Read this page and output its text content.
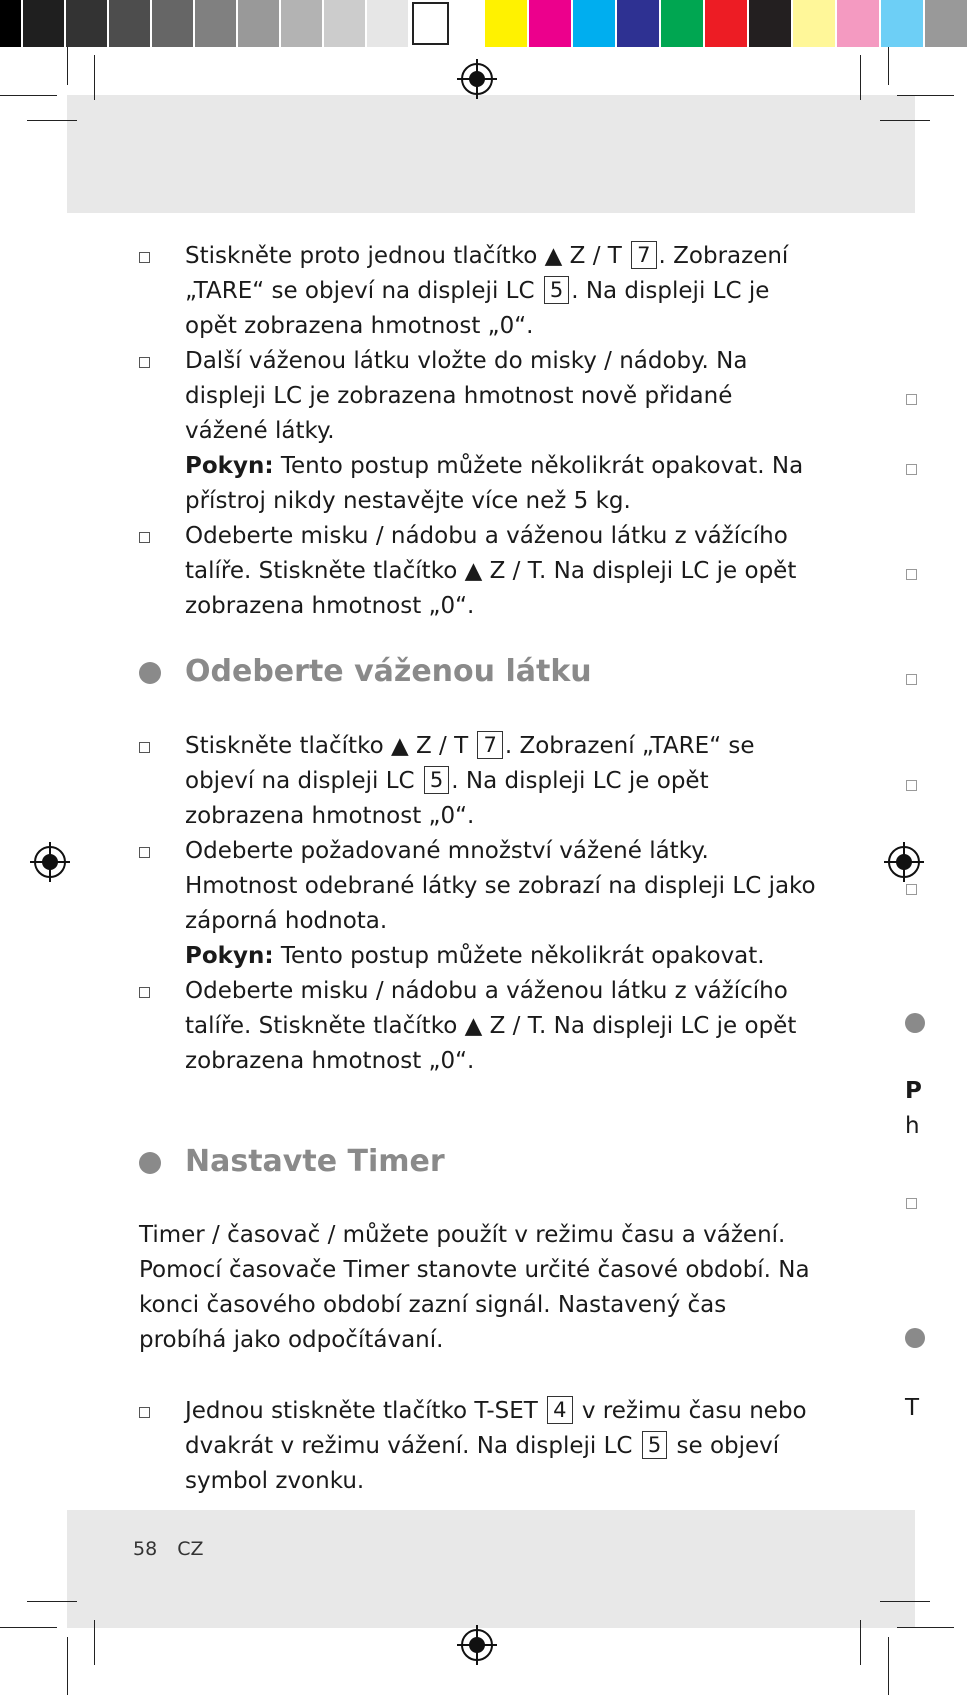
Stiskněte proto jednou tlačítko ▲ Z / T 7 . Zobrazení „TARE“ se objeví na displeji LC 5 . Na displeji LC je opět zobrazena hmotnost „0“.
Další váženou látku vložte do misky / nádoby. Na displeji LC je zobrazena hmotnost nově přidané vážené látky.
Pokyn: Tento postup můžete několikrát opakovat. Na přístroj nikdy nestavějte více než 5 kg.
Odeberte misku / nádobu a váženou látku z vážícího talíře. Stiskněte tlačítko ▲ Z / T. Na displeji LC je opět zobrazena hmotnost „0“.
Odeberte váženou látku
Stiskněte tlačítko ▲ Z / T 7 . Zobrazení „TARE“ se objeví na displeji LC 5 . Na displeji LC je opět zobrazena hmotnost „0“.
Odeberte požadované množství vážené látky. Hmotnost odebrané látky se zobrazí na displeji LC jako záporná hodnota.
Pokyn: Tento postup můžete několikrát opakovat.
Odeberte misku / nádobu a váženou látku z vážícího talíře. Stiskněte tlačítko ▲ Z / T. Na displeji LC je opět zobrazena hmotnost „0“.
Nastavte Timer
Timer / časovač / můžete použít v režimu času a vážení. Pomocí časovače Timer stanovte určité časové období. Na konci časového období zazní signál. Nastavený čas probíhá jako odpočítávaní.
Jednou stiskněte tlačítko T-SET 4 v režimu času nebo dvakrát v režimu vážení. Na displeji LC 5 se objeví symbol zvonku.
58 CZ
P
h
T
